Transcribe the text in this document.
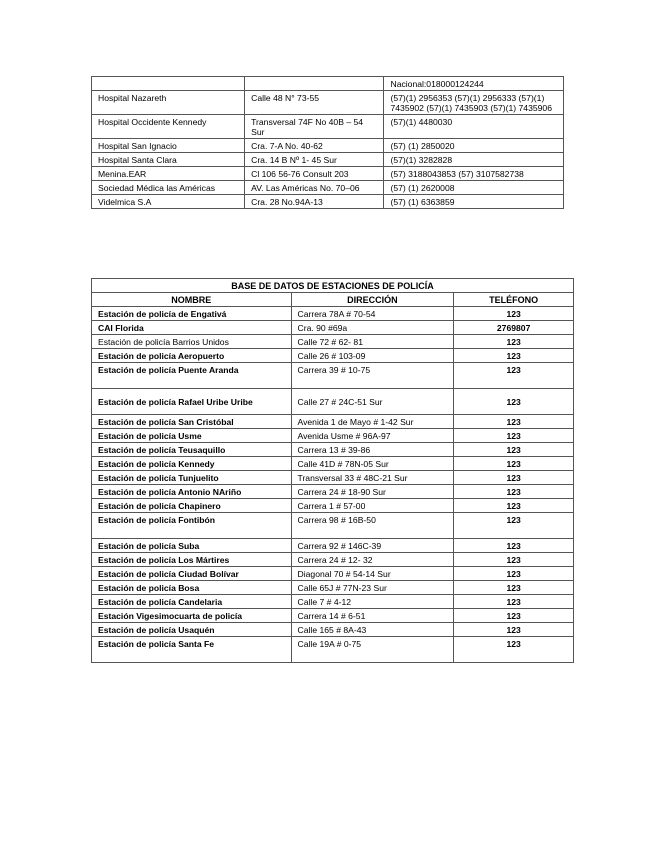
		Nacional:018000124244
Hospital Nazareth	Calle 48 N° 73-55	(57)(1) 2956353 (57)(1) 2956333 (57)(1) 7435902 (57)(1) 7435903 (57)(1) 7435906
Hospital Occidente Kennedy	Transversal 74F No 40B – 54 Sur	(57)(1) 4480030
Hospital San Ignacio	Cra. 7-A No. 40-62	(57) (1) 2850020
Hospital Santa Clara	Cra. 14 B Nº 1- 45 Sur	(57)(1) 3282828
Menina.EAR	Cl 106 56-76 Consult 203	(57) 3188043853 (57) 3107582738
Sociedad Médica las Américas	AV. Las Américas No. 70–06	(57) (1) 2620008
Videlmica S.A	Cra. 28 No.94A-13	(57) (1) 6363859
BASE DE DATOS DE ESTACIONES DE POLICÍA		
NOMBRE	DIRECCIÓN	TELÉFONO
Estación de policía de Engativá	Carrera 78A # 70-54	123
CAI Florida	Cra. 90 #69a	2769807
Estación de policía Barrios Unidos	Calle 72 # 62- 81	123
Estación de policía Aeropuerto	Calle 26 # 103-09	123
Estación de policía Puente Aranda	Carrera 39 # 10-75	123
Estación de policía Rafael Uribe Uribe	Calle 27 # 24C-51 Sur	123
Estación de policía San Cristóbal	Avenida 1 de Mayo # 1-42 Sur	123
Estación de policía Usme	Avenida Usme # 96A-97	123
Estación de policía Teusaquillo	Carrera 13 # 39-86	123
Estación de policía Kennedy	Calle 41D # 78N-05 Sur	123
Estación de policía Tunjuelito	Transversal 33 # 48C-21 Sur	123
Estación de policía Antonio NAriño	Carrera 24 # 18-90 Sur	123
Estación de policía Chapinero	Carrera 1 # 57-00	123
Estación de policía Fontibón	Carrera 98 # 16B-50	123
Estación de policía Suba	Carrera 92 # 146C-39	123
Estación de policía Los Mártires	Carrera 24 # 12- 32	123
Estación de policía Ciudad Bolívar	Diagonal 70 # 54-14 Sur	123
Estación de policía Bosa	Calle 65J # 77N-23 Sur	123
Estación de policía Candelaria	Calle 7 # 4-12	123
Estación Vigesimocuarta de policía	Carrera 14 # 6-51	123
Estación de policía Usaquén	Calle 165 # 8A-43	123
Estación de policía Santa Fe	Calle 19A # 0-75	123
